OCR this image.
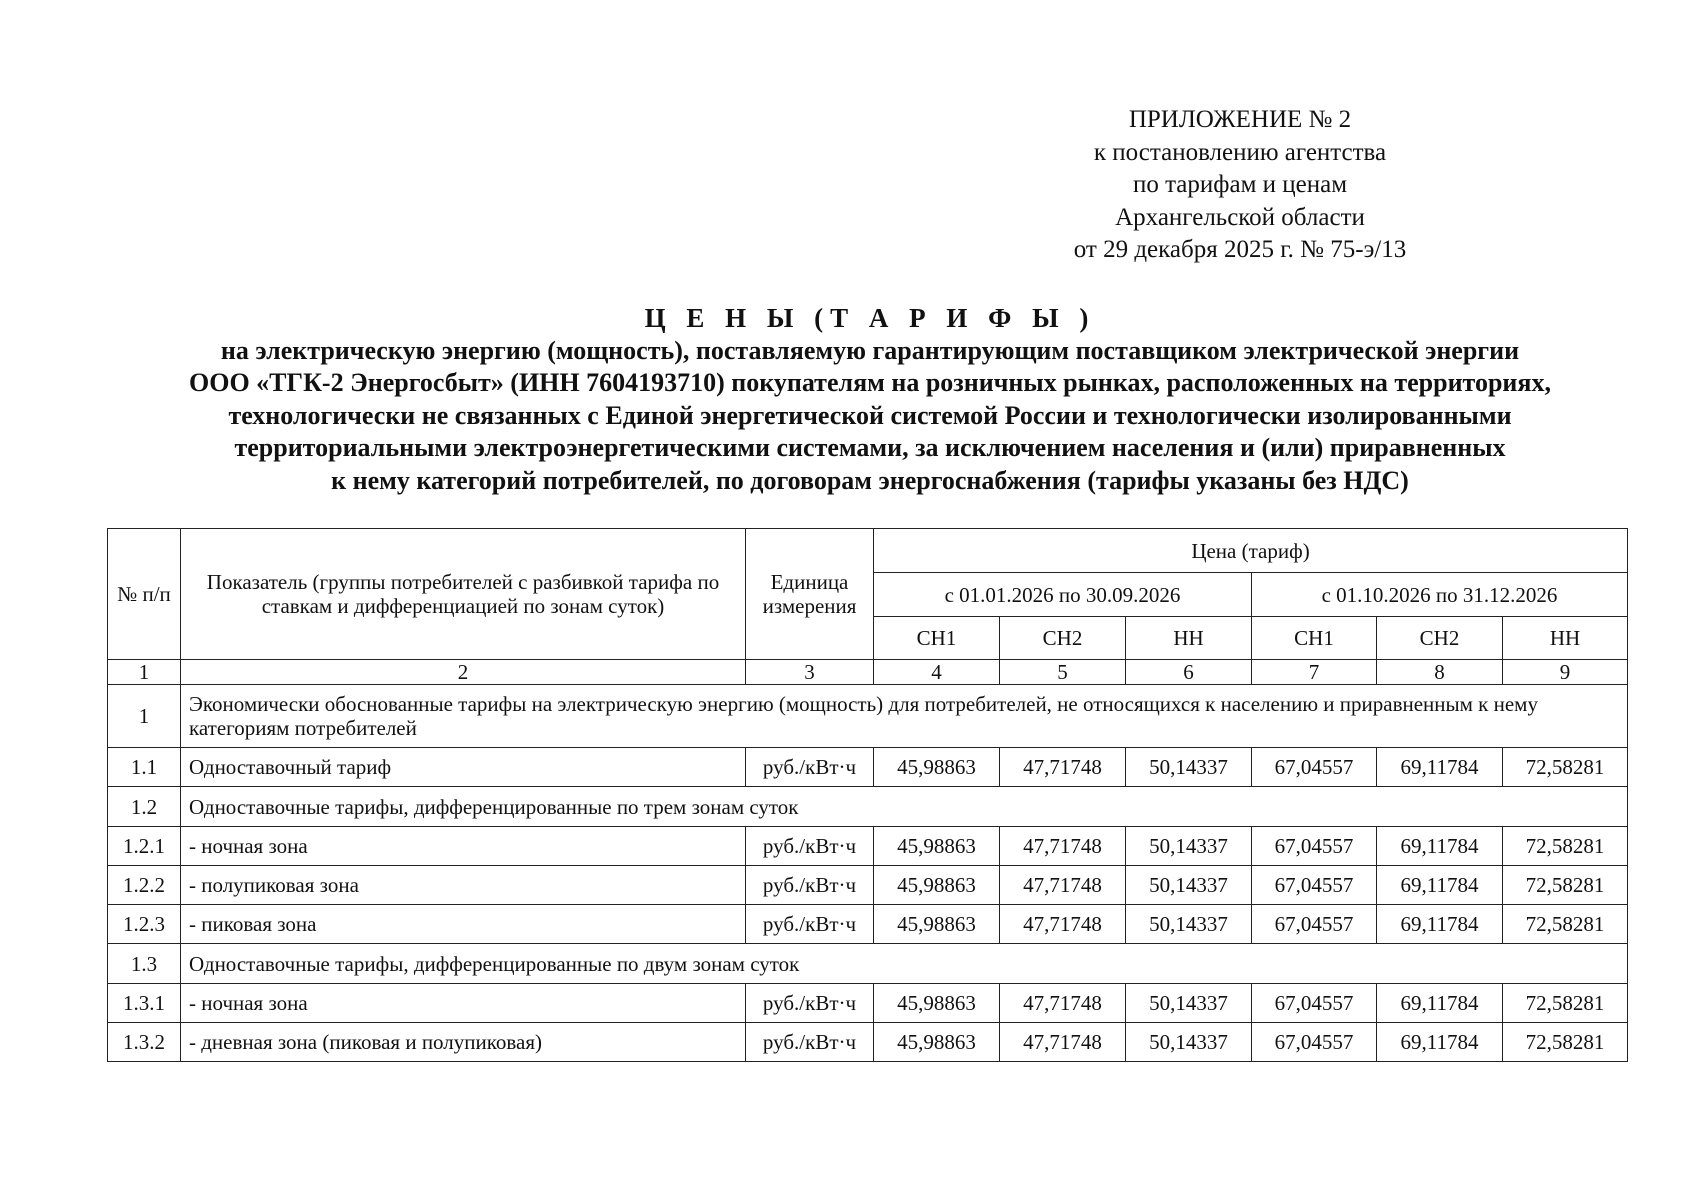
ПРИЛОЖЕНИЕ № 2
к постановлению агентства
по тарифам и ценам
Архангельской области
от 29 декабря 2025 г. № 75-э/13
Ц Е Н Ы (Т А Р И Ф Ы )
на электрическую энергию (мощность), поставляемую гарантирующим поставщиком электрической энергии
ООО «ТГК-2 Энергосбыт» (ИНН 7604193710) покупателям на розничных рынках, расположенных на территориях,
технологически не связанных с Единой энергетической системой России и технологически изолированными
территориальными электроэнергетическими системами, за исключением населения и (или) приравненных
к нему категорий потребителей, по договорам энергоснабжения (тарифы указаны без НДС)
№ п/п	Показатель (группы потребителей с разбивкой тарифа по ставкам и дифференциацией по зонам суток)	Единица измерения	Цена (тариф)					
			с 01.01.2026 по 30.09.2026			с 01.10.2026 по 31.12.2026		
			СН1	СН2	НН	СН1	СН2	НН
1	2	3	4	5	6	7	8	9
1	Экономически обоснованные тарифы на электрическую энергию (мощность) для потребителей, не относящихся к населению и приравненным к нему категориям потребителей							
1.1	Одноставочный тариф	руб./кВт·ч	45,98863	47,71748	50,14337	67,04557	69,11784	72,58281
1.2	Одноставочные тарифы, дифференцированные по трем зонам суток							
1.2.1	- ночная зона	руб./кВт·ч	45,98863	47,71748	50,14337	67,04557	69,11784	72,58281
1.2.2	- полупиковая зона	руб./кВт·ч	45,98863	47,71748	50,14337	67,04557	69,11784	72,58281
1.2.3	- пиковая зона	руб./кВт·ч	45,98863	47,71748	50,14337	67,04557	69,11784	72,58281
1.3	Одноставочные тарифы, дифференцированные по двум зонам суток							
1.3.1	- ночная зона	руб./кВт·ч	45,98863	47,71748	50,14337	67,04557	69,11784	72,58281
1.3.2	- дневная зона (пиковая и полупиковая)	руб./кВт·ч	45,98863	47,71748	50,14337	67,04557	69,11784	72,58281
